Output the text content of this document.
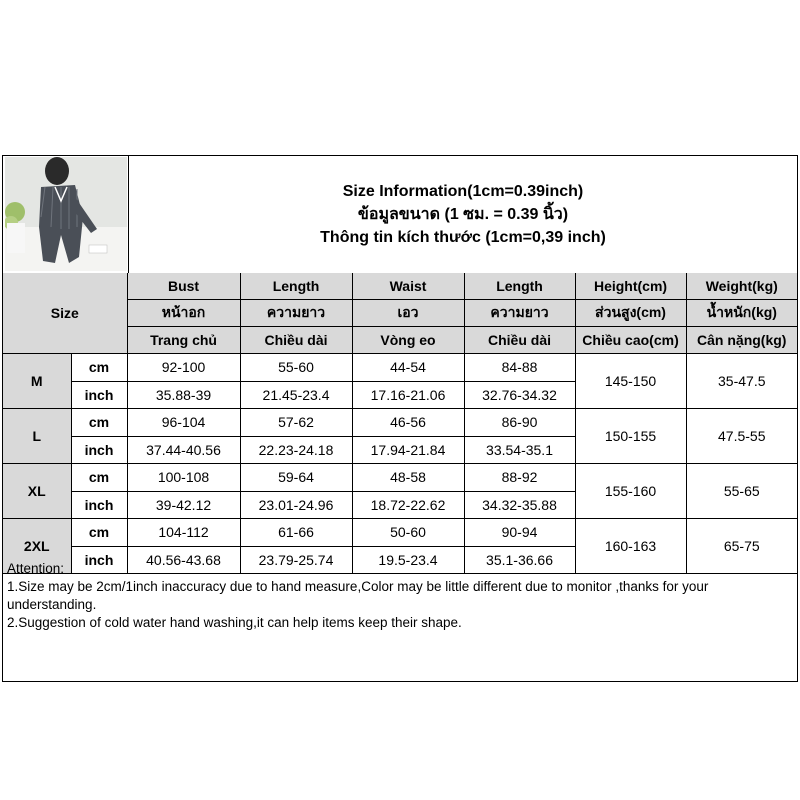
Size Information(1cm=0.39inch)
ข้อมูลขนาด (1 ซม. = 0.39 นิ้ว)
Thông tin kích thước (1cm=0,39 inch)
Size		Bust	Length	Waist	Length	Height(cm)	Weight(kg)
		หน้าอก	ความยาว	เอว	ความยาว	ส่วนสูง(cm)	น้ำหนัก(kg)
		Trang chủ	Chiều dài	Vòng eo	Chiều dài	Chiều cao(cm)	Cân nặng(kg)
M	cm	92-100	55-60	44-54	84-88	145-150	35-47.5
	inch	35.88-39	21.45-23.4	17.16-21.06	32.76-34.32		
L	cm	96-104	57-62	46-56	86-90	150-155	47.5-55
	inch	37.44-40.56	22.23-24.18	17.94-21.84	33.54-35.1		
XL	cm	100-108	59-64	48-58	88-92	155-160	55-65
	inch	39-42.12	23.01-24.96	18.72-22.62	34.32-35.88		
2XL	cm	104-112	61-66	50-60	90-94	160-163	65-75
	inch	40.56-43.68	23.79-25.74	19.5-23.4	35.1-36.66		
Attention:
1.Size may be 2cm/1inch inaccuracy due to hand measure,Color may be little different due to monitor ,thanks for your understanding.
2.Suggestion of cold water hand washing,it can help items keep their shape.
